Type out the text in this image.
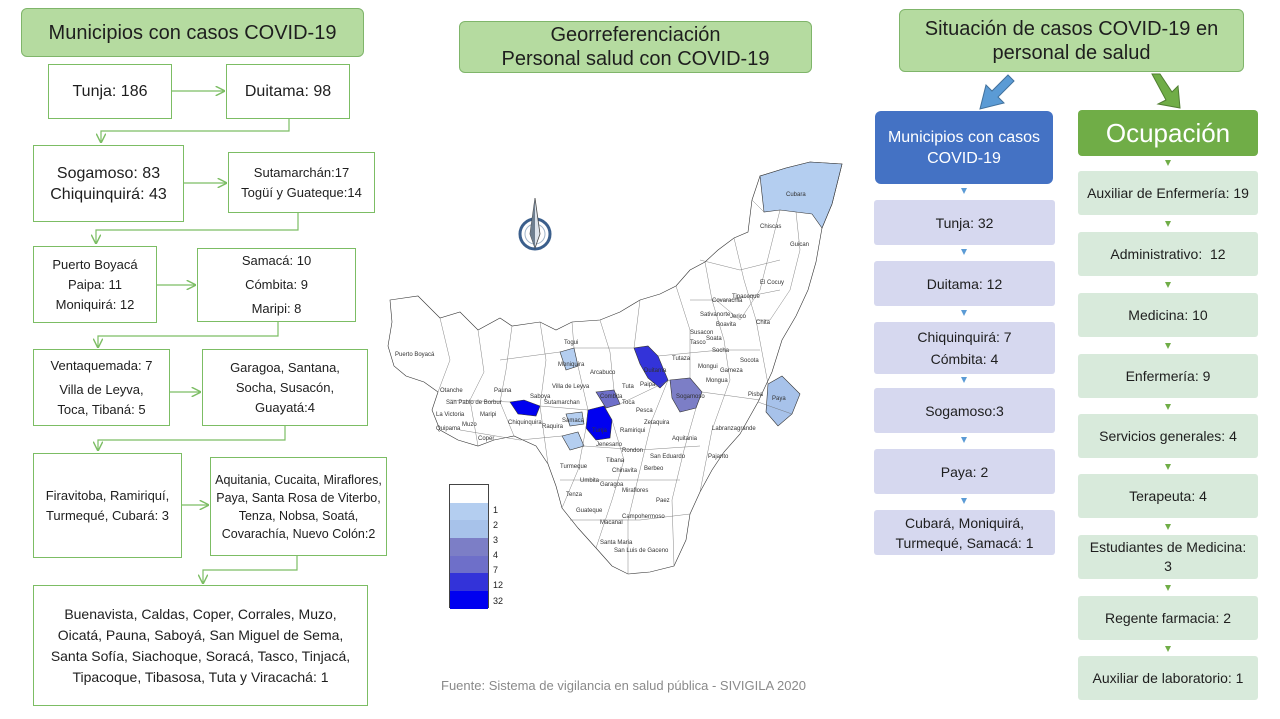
Municipios con casos COVID-19	Georreferenciación
Personal salud con COVID-19
Situación de casos COVID-19 en
personal de salud
Tunja: 186	Duitama: 98
Sogamoso: 83
Chiquinquirá: 43
Sutamarchán:17
Togüí y Guateque:14
Puerto Boyacá
Paipa: 11
Moniquirá: 12
Samacá: 10
Cómbita: 9
Maripi: 8
Ventaquemada: 7
Villa de Leyva,
Toca, Tibaná: 5
Garagoa, Santana, Socha, Susacón, Guayatá:4
Firavitoba, Ramiriquí, Turmequé, Cubará: 3
Aquitania, Cucaita, Miraflores, Paya, Santa Rosa de Viterbo, Tenza, Nobsa, Soatá, Covarachía, Nuevo Colón:2
Buenavista, Caldas, Coper, Corrales, Muzo, Oicatá, Pauna, Saboyá, San Miguel de Sema, Santa Sofía, Siachoque, Soracá, Tasco, Tinjacá, Tipacoque, Tibasosa, Tuta y Viracachá: 1
Puerto Boyacá
Cubara
Chiscas
Guican
Paya
Pisba
Labranzagrande
Socota
Aquitania
Pajarito
Campohermoso
San Luis de Gaceno
Mongua
Chita
Jerico
El Cocuy
Sativanorte
Garagoa
Miraflores
Berbeo
Paez
Rondon
Otanche
Muzo
Coper
Maripi
Pauna
Saboya
Chiquinquira
Tunja
Duitama
Sogamoso
Moniquira
Soata
Tenza
Guateque
Umbita
Turmeque
Ramiriqui
Jenesano
Samaca
Combita
Tibana
Macanal
Santa Maria
Chinavita
Zetaquira
San Eduardo
Mongui
Tasco
Socha
Gameza
Pesca
Toca
Paipa
Tuta
Villa de Leyva
Arcabuco
Sutamarchan
Raquira
Togui
San Pablo de Borbur
La Victoria
Quipama
Tipacoque
Covarachia
Boavita
Susacon
Tutaza
1
2
3
4
7
12
32
Fuente: Sistema de vigilancia en salud pública - SIVIGILA 2020
Municipios con casos COVID-19
Tunja: 32
Duitama: 12
Chiquinquirá: 7
Cómbita: 4
Sogamoso:3
Paya: 2
Cubará, Moniquirá, Turmequé, Samacá: 1
Ocupación
Auxiliar de Enfermería: 19
Administrativo:  12
Medicina: 10
Enfermería: 9
Servicios generales: 4
Terapeuta: 4
Estudiantes de Medicina: 3
Regente farmacia: 2
Auxiliar de laboratorio: 1
